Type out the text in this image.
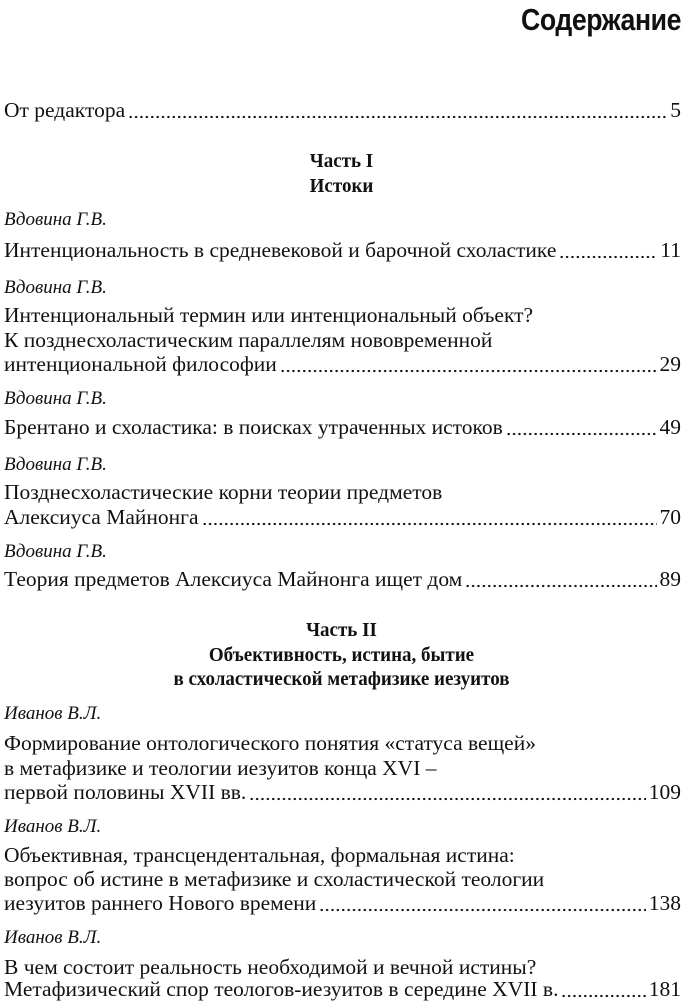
Содержание
От редактора	5
Часть I
Истоки
Вдовина Г.В.
Интенциональность в средневековой и барочной схоластике	11
Вдовина Г.В.
Интенциональный термин или интенциональный объект?
К позднесхоластическим параллелям нововременной
интенциональной философии	29
Вдовина Г.В.
Брентано и схоластика: в поисках утраченных истоков	49
Вдовина Г.В.
Позднесхоластические корни теории предметов
Алексиуса Майнонга	70
Вдовина Г.В.
Теория предметов Алексиуса Майнонга ищет дом	89
Часть II
Объективность, истина, бытие
в схоластической метафизике иезуитов
Иванов В.Л.
Формирование онтологического понятия «статуса вещей»
в метафизике и теологии иезуитов конца XVI –
первой половины XVII вв.	109
Иванов В.Л.
Объективная, трансцендентальная, формальная истина:
вопрос об истине в метафизике и схоластической теологии
иезуитов раннего Нового времени	138
Иванов В.Л.
В чем состоит реальность необходимой и вечной истины?
Метафизический спор теологов-иезуитов в середине XVII в.	181
